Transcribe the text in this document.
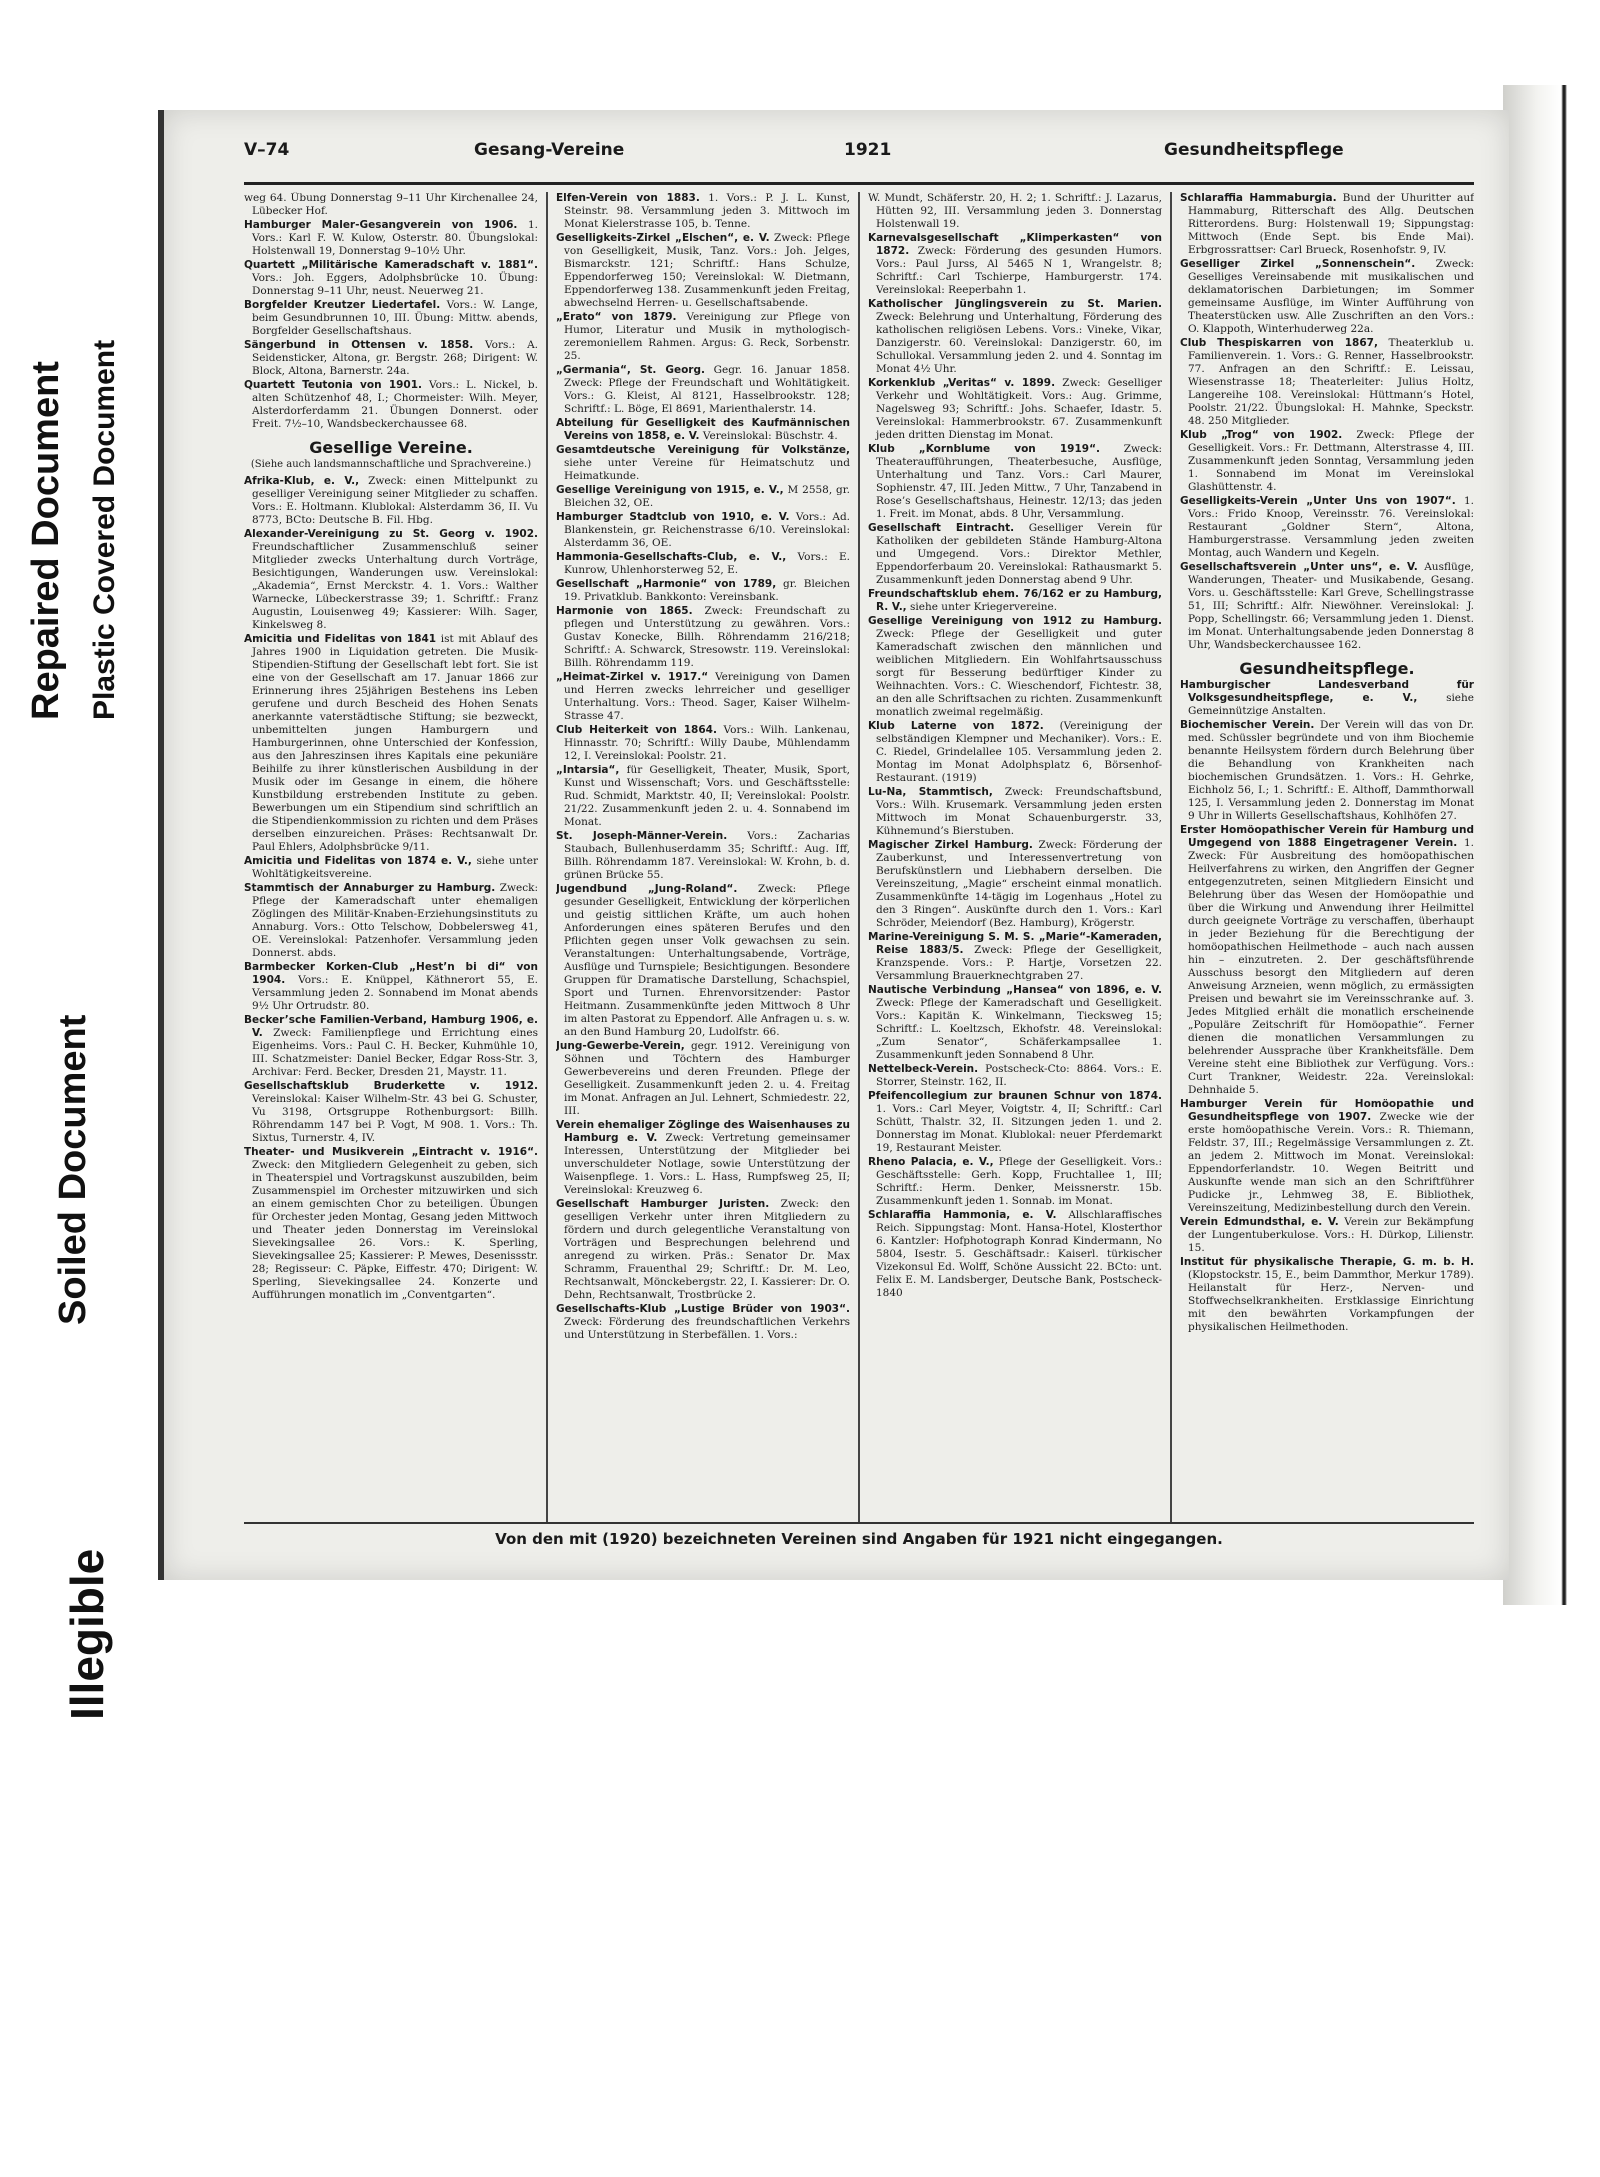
Repaired Document Plastic Covered Document
Soiled Document
Illegible
V–74	Gesang-Vereine	1921	Gesundheitspflege

weg 64. Übung Donnerstag 9–11 Uhr Kirchenallee 24, Lübecker Hof.

Hamburger Maler-Gesangverein von 1906. 1. Vors.: Karl F. W. Kulow, Osterstr. 80. Übungslokal: Holstenwall 19, Donnerstag 9–10½ Uhr.

Quartett „Militärische Kameradschaft v. 1881“. Vors.: Joh. Eggers, Adolphsbrücke 10. Übung: Donnerstag 9–11 Uhr, neust. Neuerweg 21.

Borgfelder Kreutzer Liedertafel. Vors.: W. Lange, beim Gesundbrunnen 10, III. Übung: Mittw. abends, Borgfelder Gesellschaftshaus.

Sängerbund in Ottensen v. 1858. Vors.: A. Seidensticker, Altona, gr. Bergstr. 268; Dirigent: W. Block, Altona, Barnerstr. 24a.

Quartett Teutonia von 1901. Vors.: L. Nickel, b. alten Schützenhof 48, I.; Chormeister: Wilh. Meyer, Alsterdorferdamm 21. Übungen Donnerst. oder Freit. 7½–10, Wandsbeckerchaussee 68.

Gesellige Vereine.
(Siehe auch landsmannschaftliche und Sprachvereine.)

Afrika-Klub, e. V., Zweck: einen Mittelpunkt zu geselliger Vereinigung seiner Mitglieder zu schaffen. Vors.: E. Holtmann. Klublokal: Alsterdamm 36, II. Vu 8773, BCto: Deutsche B. Fil. Hbg.

Alexander-Vereinigung zu St. Georg v. 1902. Freundschaftlicher Zusammenschluß seiner Mitglieder zwecks Unterhaltung durch Vorträge, Besichtigungen, Wanderungen usw. Vereinslokal: „Akademia“, Ernst Merckstr. 4. 1. Vors.: Walther Warnecke, Lübeckerstrasse 39; 1. Schriftf.: Franz Augustin, Louisenweg 49; Kassierer: Wilh. Sager, Kinkelsweg 8.

Amicitia und Fidelitas von 1841 ist mit Ablauf des Jahres 1900 in Liquidation getreten. Die Musik-Stipendien-Stiftung der Gesellschaft lebt fort. Sie ist eine von der Gesellschaft am 17. Januar 1866 zur Erinnerung ihres 25jährigen Bestehens ins Leben gerufene und durch Bescheid des Hohen Senats anerkannte vaterstädtische Stiftung; sie bezweckt, unbemittelten jungen Hamburgern und Hamburgerinnen, ohne Unterschied der Konfession, aus den Jahreszinsen ihres Kapitals eine pekuniäre Beihilfe zu ihrer künstlerischen Ausbildung in der Musik oder im Gesange in einem, die höhere Kunstbildung erstrebenden Institute zu geben. Bewerbungen um ein Stipendium sind schriftlich an die Stipendienkommission zu richten und dem Präses derselben einzureichen. Präses: Rechtsanwalt Dr. Paul Ehlers, Adolphsbrücke 9/11.

Amicitia und Fidelitas von 1874 e. V., siehe unter Wohltätigkeitsvereine.

Stammtisch der Annaburger zu Hamburg. Zweck: Pflege der Kameradschaft unter ehemaligen Zöglingen des Militär-Knaben-Erziehungsinstituts zu Annaburg. Vors.: Otto Telschow, Dobbelersweg 41, OE. Vereinslokal: Patzenhofer. Versammlung jeden Donnerst. abds.

Barmbecker Korken-Club „Hest’n bi di“ von 1904. Vors.: E. Knüppel, Käthnerort 55, E. Versammlung jeden 2. Sonnabend im Monat abends 9½ Uhr Ortrudstr. 80.

Becker’sche Familien-Verband, Hamburg 1906, e. V. Zweck: Familienpflege und Errichtung eines Eigenheims. Vors.: Paul C. H. Becker, Kuhmühle 10, III. Schatzmeister: Daniel Becker, Edgar Ross-Str. 3, Archivar: Ferd. Becker, Dresden 21, Maystr. 11.

Gesellschaftsklub Bruderkette v. 1912. Vereinslokal: Kaiser Wilhelm-Str. 43 bei G. Schuster, Vu 3198, Ortsgruppe Rothenburgsort: Billh. Röhrendamm 147 bei P. Vogt, M 908. 1. Vors.: Th. Sixtus, Turnerstr. 4, IV.

Theater- und Musikverein „Eintracht v. 1916“. Zweck: den Mitgliedern Gelegenheit zu geben, sich in Theaterspiel und Vortragskunst auszubilden, beim Zusammenspiel im Orchester mitzuwirken und sich an einem gemischten Chor zu beteiligen. Übungen für Orchester jeden Montag, Gesang jeden Mittwoch und Theater jeden Donnerstag im Vereinslokal Sievekingsallee 26. Vors.: K. Sperling, Sievekingsallee 25; Kassierer: P. Mewes, Desenissstr. 28; Regisseur: C. Päpke, Eiffestr. 470; Dirigent: W. Sperling, Sievekingsallee 24. Konzerte und Aufführungen monatlich im „Conventgarten“.

Elfen-Verein von 1883. 1. Vors.: P. J. L. Kunst, Steinstr. 98. Versammlung jeden 3. Mittwoch im Monat Kielerstrasse 105, b. Tenne.

Geselligkeits-Zirkel „Elschen“, e. V. Zweck: Pflege von Geselligkeit, Musik, Tanz. Vors.: Joh. Jelges, Bismarckstr. 121; Schriftf.: Hans Schulze, Eppendorferweg 150; Vereinslokal: W. Dietmann, Eppendorferweg 138. Zusammenkunft jeden Freitag, abwechselnd Herren- u. Gesellschaftsabende.

„Erato“ von 1879. Vereinigung zur Pflege von Humor, Literatur und Musik in mythologisch-zeremoniellem Rahmen. Argus: G. Reck, Sorbenstr. 25.

„Germania“, St. Georg. Gegr. 16. Januar 1858. Zweck: Pflege der Freundschaft und Wohltätigkeit. Vors.: G. Kleist, Al 8121, Hasselbrookstr. 128; Schriftf.: L. Böge, El 8691, Marienthalerstr. 14.

Abteilung für Geselligkeit des Kaufmännischen Vereins von 1858, e. V. Vereinslokal: Büschstr. 4.

Gesamtdeutsche Vereinigung für Volkstänze, siehe unter Vereine für Heimatschutz und Heimatkunde.

Gesellige Vereinigung von 1915, e. V., M 2558, gr. Bleichen 32, OE.

Hamburger Stadtclub von 1910, e. V. Vors.: Ad. Blankenstein, gr. Reichenstrasse 6/10. Vereinslokal: Alsterdamm 36, OE.

Hammonia-Gesellschafts-Club, e. V., Vors.: E. Kunrow, Uhlenhorsterweg 52, E.

Gesellschaft „Harmonie“ von 1789, gr. Bleichen 19. Privatklub. Bankkonto: Vereinsbank.

Harmonie von 1865. Zweck: Freundschaft zu pflegen und Unterstützung zu gewähren. Vors.: Gustav Konecke, Billh. Röhrendamm 216/218; Schriftf.: A. Schwarck, Stresowstr. 119. Vereinslokal: Billh. Röhrendamm 119.

„Heimat-Zirkel v. 1917.“ Vereinigung von Damen und Herren zwecks lehrreicher und geselliger Unterhaltung. Vors.: Theod. Sager, Kaiser Wilhelm-Strasse 47.

Club Heiterkeit von 1864. Vors.: Wilh. Lankenau, Hinnasstr. 70; Schriftf.: Willy Daube, Mühlendamm 12, I. Vereinslokal: Poolstr. 21.

„Intarsia“, für Geselligkeit, Theater, Musik, Sport, Kunst und Wissenschaft; Vors. und Geschäftsstelle: Rud. Schmidt, Marktstr. 40, II; Vereinslokal: Poolstr. 21/22. Zusammenkunft jeden 2. u. 4. Sonnabend im Monat.

St. Joseph-Männer-Verein. Vors.: Zacharias Staubach, Bullenhuserdamm 35; Schriftf.: Aug. Iff, Billh. Röhrendamm 187. Vereinslokal: W. Krohn, b. d. grünen Brücke 55.

Jugendbund „Jung-Roland“. Zweck: Pflege gesunder Geselligkeit, Entwicklung der körperlichen und geistig sittlichen Kräfte, um auch hohen Anforderungen eines späteren Berufes und den Pflichten gegen unser Volk gewachsen zu sein. Veranstaltungen: Unterhaltungsabende, Vorträge, Ausflüge und Turnspiele; Besichtigungen. Besondere Gruppen für Dramatische Darstellung, Schachspiel, Sport und Turnen. Ehrenvorsitzender: Pastor Heitmann. Zusammenkünfte jeden Mittwoch 8 Uhr im alten Pastorat zu Eppendorf. Alle Anfragen u. s. w. an den Bund Hamburg 20, Ludolfstr. 66.

Jung-Gewerbe-Verein, gegr. 1912. Vereinigung von Söhnen und Töchtern des Hamburger Gewerbevereins und deren Freunden. Pflege der Geselligkeit. Zusammenkunft jeden 2. u. 4. Freitag im Monat. Anfragen an Jul. Lehnert, Schmiedestr. 22, III.

Verein ehemaliger Zöglinge des Waisenhauses zu Hamburg e. V. Zweck: Vertretung gemeinsamer Interessen, Unterstützung der Mitglieder bei unverschuldeter Notlage, sowie Unterstützung der Waisenpflege. 1. Vors.: L. Hass, Rumpfsweg 25, II; Vereinslokal: Kreuzweg 6.

Gesellschaft Hamburger Juristen. Zweck: den geselligen Verkehr unter ihren Mitgliedern zu fördern und durch gelegentliche Veranstaltung von Vorträgen und Besprechungen belehrend und anregend zu wirken. Präs.: Senator Dr. Max Schramm, Frauenthal 29; Schriftf.: Dr. M. Leo, Rechtsanwalt, Mönckebergstr. 22, I. Kassierer: Dr. O. Dehn, Rechtsanwalt, Trostbrücke 2.

Gesellschafts-Klub „Lustige Brüder von 1903“. Zweck: Förderung des freundschaftlichen Verkehrs und Unterstützung in Sterbefällen. 1. Vors.:

W. Mundt, Schäferstr. 20, H. 2; 1. Schriftf.: J. Lazarus, Hütten 92, III. Versammlung jeden 3. Donnerstag Holstenwall 19.

Karnevalsgesellschaft „Klimperkasten“ von 1872. Zweck: Förderung des gesunden Humors. Vors.: Paul Jurss, Al 5465 N 1, Wrangelstr. 8; Schriftf.: Carl Tschierpe, Hamburgerstr. 174. Vereinslokal: Reeperbahn 1.

Katholischer Jünglingsverein zu St. Marien. Zweck: Belehrung und Unterhaltung, Förderung des katholischen religiösen Lebens. Vors.: Vineke, Vikar, Danzigerstr. 60. Vereinslokal: Danzigerstr. 60, im Schullokal. Versammlung jeden 2. und 4. Sonntag im Monat 4½ Uhr.

Korkenklub „Veritas“ v. 1899. Zweck: Geselliger Verkehr und Wohltätigkeit. Vors.: Aug. Grimme, Nagelsweg 93; Schriftf.: Johs. Schaefer, Idastr. 5. Vereinslokal: Hammerbrookstr. 67. Zusammenkunft jeden dritten Dienstag im Monat.

Klub „Kornblume von 1919“. Zweck: Theateraufführungen, Theaterbesuche, Ausflüge, Unterhaltung und Tanz. Vors.: Carl Maurer, Sophienstr. 47, III. Jeden Mittw., 7 Uhr, Tanzabend in Rose’s Gesellschaftshaus, Heinestr. 12/13; das jeden 1. Freit. im Monat, abds. 8 Uhr, Versammlung.

Gesellschaft Eintracht. Geselliger Verein für Katholiken der gebildeten Stände Hamburg-Altona und Umgegend. Vors.: Direktor Methler, Eppendorferbaum 20. Vereinslokal: Rathausmarkt 5. Zusammenkunft jeden Donnerstag abend 9 Uhr.

Freundschaftsklub ehem. 76/162 er zu Hamburg, R. V., siehe unter Kriegervereine.

Gesellige Vereinigung von 1912 zu Hamburg. Zweck: Pflege der Geselligkeit und guter Kameradschaft zwischen den männlichen und weiblichen Mitgliedern. Ein Wohlfahrtsausschuss sorgt für Besserung bedürftiger Kinder zu Weihnachten. Vors.: C. Wieschendorf, Fichtestr. 38, an den alle Schriftsachen zu richten. Zusammenkunft monatlich zweimal regelmäßig.

Klub Laterne von 1872. (Vereinigung der selbständigen Klempner und Mechaniker). Vors.: E. C. Riedel, Grindelallee 105. Versammlung jeden 2. Montag im Monat Adolphsplatz 6, Börsenhof-Restaurant. (1919)

Lu-Na, Stammtisch, Zweck: Freundschaftsbund, Vors.: Wilh. Krusemark. Versammlung jeden ersten Mittwoch im Monat Schauenburgerstr. 33, Kühnemund’s Bierstuben.

Magischer Zirkel Hamburg. Zweck: Förderung der Zauberkunst, und Interessenvertretung von Berufskünstlern und Liebhabern derselben. Die Vereinszeitung, „Magie“ erscheint einmal monatlich. Zusammenkünfte 14-tägig im Logenhaus „Hotel zu den 3 Ringen“. Auskünfte durch den 1. Vors.: Karl Schröder, Meiendorf (Bez. Hamburg), Krögerstr.

Marine-Vereinigung S. M. S. „Marie“-Kameraden, Reise 1883/5. Zweck: Pflege der Geselligkeit, Kranzspende. Vors.: P. Hartje, Vorsetzen 22. Versammlung Brauerknechtgraben 27.

Nautische Verbindung „Hansea“ von 1896, e. V. Zweck: Pflege der Kameradschaft und Geselligkeit. Vors.: Kapitän K. Winkelmann, Tiecksweg 15; Schriftf.: L. Koeltzsch, Ekhofstr. 48. Vereinslokal: „Zum Senator“, Schäferkampsallee 1. Zusammenkunft jeden Sonnabend 8 Uhr.

Nettelbeck-Verein. Postscheck-Cto: 8864. Vors.: E. Storrer, Steinstr. 162, II.

Pfeifencollegium zur braunen Schnur von 1874. 1. Vors.: Carl Meyer, Voigtstr. 4, II; Schriftf.: Carl Schütt, Thalstr. 32, II. Sitzungen jeden 1. und 2. Donnerstag im Monat. Klublokal: neuer Pferdemarkt 19, Restaurant Meister.

Rheno Palacia, e. V., Pflege der Geselligkeit. Vors.: Geschäftsstelle: Gerh. Kopp, Fruchtallee 1, III; Schriftf.: Herm. Denker, Meissnerstr. 15b. Zusammenkunft jeden 1. Sonnab. im Monat.

Schlaraffia Hammonia, e. V. Allschlaraffisches Reich. Sippungstag: Mont. Hansa-Hotel, Klosterthor 6. Kantzler: Hofphotograph Konrad Kindermann, No 5804, Isestr. 5. Geschäftsadr.: Kaiserl. türkischer Vizekonsul Ed. Wolff, Schöne Aussicht 22. BCto: unt. Felix E. M. Landsberger, Deutsche Bank, Postscheck- 1840

Schlaraffia Hammaburgia. Bund der Uhuritter auf Hammaburg, Ritterschaft des Allg. Deutschen Ritterordens. Burg: Holstenwall 19; Sippungstag: Mittwoch (Ende Sept. bis Ende Mai). Erbgrossrattser: Carl Brueck, Rosenhofstr. 9, IV.

Geselliger Zirkel „Sonnenschein“. Zweck: Geselliges Vereinsabende mit musikalischen und deklamatorischen Darbietungen; im Sommer gemeinsame Ausflüge, im Winter Aufführung von Theaterstücken usw. Alle Zuschriften an den Vors.: O. Klappoth, Winterhuderweg 22a.

Club Thespiskarren von 1867, Theaterklub u. Familienverein. 1. Vors.: G. Renner, Hasselbrookstr. 77. Anfragen an den Schriftf.: E. Leissau, Wiesenstrasse 18; Theaterleiter: Julius Holtz, Langereihe 108. Vereinslokal: Hüttmann’s Hotel, Poolstr. 21/22. Übungslokal: H. Mahnke, Speckstr. 48. 250 Mitglieder.

Klub „Trog“ von 1902. Zweck: Pflege der Geselligkeit. Vors.: Fr. Dettmann, Alterstrasse 4, III. Zusammenkunft jeden Sonntag, Versammlung jeden 1. Sonnabend im Monat im Vereinslokal Glashüttenstr. 4.

Geselligkeits-Verein „Unter Uns von 1907“. 1. Vors.: Frido Knoop, Vereinsstr. 76. Vereinslokal: Restaurant „Goldner Stern“, Altona, Hamburgerstrasse. Versammlung jeden zweiten Montag, auch Wandern und Kegeln.

Gesellschaftsverein „Unter uns“, e. V. Ausflüge, Wanderungen, Theater- und Musikabende, Gesang. Vors. u. Geschäftsstelle: Karl Greve, Schellingstrasse 51, III; Schriftf.: Alfr. Niewöhner. Vereinslokal: J. Popp, Schellingstr. 66; Versammlung jeden 1. Dienst. im Monat. Unterhaltungsabende jeden Donnerstag 8 Uhr, Wandsbeckerchaussee 162.

Gesundheitspflege.

Hamburgischer Landesverband für Volksgesundheitspflege, e. V.,	siehe Gemeinnützige Anstalten.

Biochemischer Verein. Der Verein will das von Dr. med. Schüssler begründete und von ihm Biochemie benannte Heilsystem fördern durch Belehrung über die Behandlung von Krankheiten nach biochemischen Grundsätzen. 1. Vors.: H. Gehrke, Eichholz 56, I.; 1. Schriftf.: E. Althoff, Dammthorwall 125, I. Versammlung jeden 2. Donnerstag im Monat 9 Uhr in Willerts Gesellschaftshaus, Kohlhöfen 27.

Erster Homöopathischer Verein für Hamburg und Umgegend von 1888 Eingetragener Verein. 1. Zweck: Für Ausbreitung des homöopathischen Heilverfahrens zu wirken, den Angriffen der Gegner entgegenzutreten, seinen Mitgliedern Einsicht und Belehrung über das Wesen der Homöopathie und über die Wirkung und Anwendung ihrer Heilmittel durch geeignete Vorträge zu verschaffen, überhaupt in jeder Beziehung für die Berechtigung der homöopathischen Heilmethode – auch nach aussen hin – einzutreten. 2. Der geschäftsführende Ausschuss besorgt den Mitgliedern auf deren Anweisung Arzneien, wenn möglich, zu ermässigten Preisen und bewahrt sie im Vereinsschranke auf. 3. Jedes Mitglied erhält die monatlich erscheinende „Populäre Zeitschrift für Homöopathie“. Ferner dienen die monatlichen Versammlungen zu belehrender Aussprache über Krankheitsfälle. Dem Vereine steht eine Bibliothek zur Verfügung. Vors.: Curt Trankner, Weidestr. 22a. Vereinslokal: Dehnhaide 5.

Hamburger Verein für Homöopathie und Gesundheitspflege von 1907. Zwecke wie der erste homöopathische Verein. Vors.: R. Thiemann, Feldstr. 37, III.; Regelmässige Versammlungen z. Zt. an jedem 2. Mittwoch im Monat. Vereinslokal: Eppendorferlandstr. 10. Wegen Beitritt und Auskunfte wende man sich an den Schriftführer Pudicke jr., Lehmweg 38, E. Bibliothek, Vereinszeitung, Medizinbestellung durch den Verein.

Verein Edmundsthal, e. V. Verein zur Bekämpfung der Lungentuberkulose. Vors.: H. Dürkop, Lilienstr. 15.

Institut für physikalische Therapie, G. m. b. H. (Klopstockstr. 15, E., beim Dammthor, Merkur 1789). Heilanstalt für Herz-, Nerven- und Stoffwechselkrankheiten. Erstklassige Einrichtung mit den bewährten Vorkampfungen der physikalischen Heilmethoden.

Von den mit (1920) bezeichneten Vereinen sind Angaben für 1921 nicht eingegangen.
